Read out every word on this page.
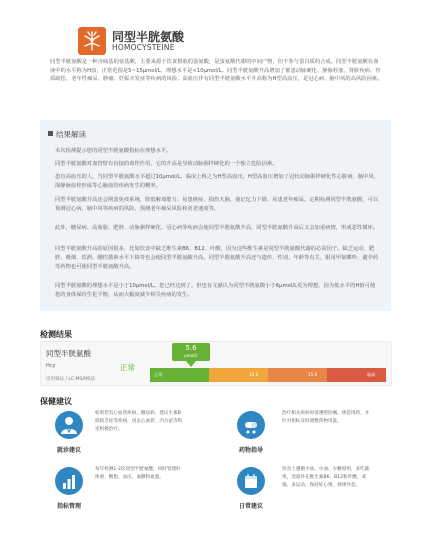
同型半胱氨酸
HOMOCYSTEINE
同型半胱氨酸是一种含硫基的氨基酸，主要来源于饮食摄取的蛋氨酸，是蛋氨酸代谢的中间产物，但不参与蛋白质的合成。同型半胱氨酸在血液中的水平称为H血，正常范围是5~15μmol/L，理想水平是<10μmol/L。同型半胱氨酸升高增加了罹患动脉硬化、静脉栓塞、肾脏疾病、骨质疏松、老年性痴呆、肿瘤、妊娠并发症等疾病的风险。高血压伴有同型半胱氨酸水平升高称为H型高血压，是冠心病、脑中风的高风险因素。
结果解读
本次检测提示您的同型半胱氨酸指标在理想水平。
同型半胱氨酸对血管壁有直接的毒性作用，它的升高是导致动脉粥样硬化的一个独立危险因素。
患有高血压的人，当同型半胱氨酸水平超过10μmol/L，临床上称之为H型高血压，H型高血压增加了冠状动脉粥样硬化性心脏病、脑中风、深静脉血栓形成等心脑血管疾病发生的概率。
同型半胱氨酸升高还会削弱免疫系统，降低解毒能力、易患癌症，损伤大脑，使记忆力下降、易患老年痴呆。定期检测同型半胱氨酸，可以预测冠心病、脑中风等疾病的风险，预测老年痴呆风险和更老速度等。
此外，糖尿病、高血脂、肥胖、动脉粥样硬化、冠心病等疾病会使同型半胱氨酸升高，同型半胱氨酸升高后又会加重病情，形成恶性循环。
同型半胱氨酸升高的原因很多，比如饮食中缺乏维生素B6、B12、叶酸，因为这些维生素是同型半胱氨酸代谢的必需因子。缺乏运动、肥胖、吸烟、饮酒、酗性激素水平下降等也会使同型半胱氨酸升高。同型半胱氨酸升高还与遗传、性别、年龄等有关，服用甲氨蝶呤、避孕药等药物也可使同型半胱氨酸升高。
同型半胱氨酸的理想水平是小于10μmol/L。您已经达到了。但也有文献认为同型半胱氨酸小于6μmol/L更为理想，因为低水平的H值可使您的身体保持生化平衡，从而大幅度减少相关疾病的发生。
检测结果
同型半胱氨酸
Hcy
适用频法 / LC-MS/MS法
正常
正常	10.0	15.0	偏高
5.6
μmol/L
保健建议
就诊建议
如果您有心血管疾病、糖尿病，建议生素B族缺乏症等疾病，请去心血管、内分泌等科室积极治疗。
药物指导
治疗相关疾病时请遵照医嘱，规范用药，并针对指标及时调整药物用量。
指标管理
每年检测1-2次同型半胱氨酸，同时管理好体重、糖脂、血压、血糖和血脂。
日常建议
饮食上遵循少盐、少油、少糖原则，多吃蔬果，适量补充维生素B6、B12和叶酸，戒烟，多运动，保持好心情，规律作息。
